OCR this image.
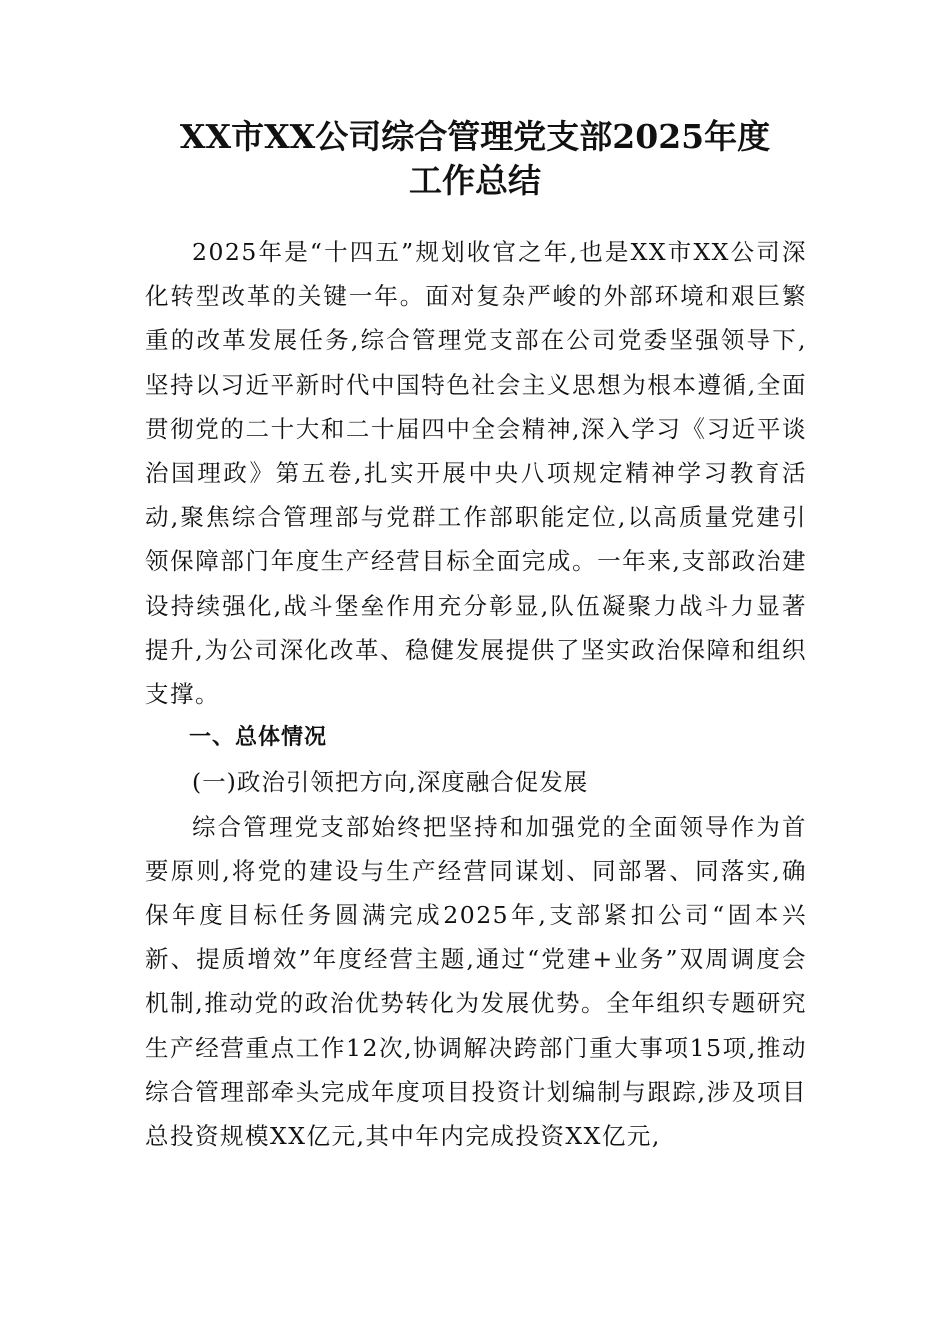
XX市XX公司综合管理党支部2025年度
工作总结

2025年是“十四五”规划收官之年,也是XX市XX公司深化转型改革的关键一年。面对复杂严峻的外部环境和艰巨繁重的改革发展任务,综合管理党支部在公司党委坚强领导下,坚持以习近平新时代中国特色社会主义思想为根本遵循,全面贯彻党的二十大和二十届四中全会精神,深入学习《习近平谈治国理政》第五卷,扎实开展中央八项规定精神学习教育活动,聚焦综合管理部与党群工作部职能定位,以高质量党建引领保障部门年度生产经营目标全面完成。一年来,支部政治建设持续强化,战斗堡垒作用充分彰显,队伍凝聚力战斗力显著提升,为公司深化改革、稳健发展提供了坚实政治保障和组织支撑。

一、总体情况

(一)政治引领把方向,深度融合促发展

综合管理党支部始终把坚持和加强党的全面领导作为首要原则,将党的建设与生产经营同谋划、同部署、同落实,确保年度目标任务圆满完成2025年,支部紧扣公司“固本兴新、提质增效”年度经营主题,通过“党建+业务”双周调度会机制,推动党的政治优势转化为发展优势。全年组织专题研究生产经营重点工作12次,协调解决跨部门重大事项15项,推动综合管理部牵头完成年度项目投资计划编制与跟踪,涉及项目总投资规模XX亿元,其中年内完成投资XX亿元,
